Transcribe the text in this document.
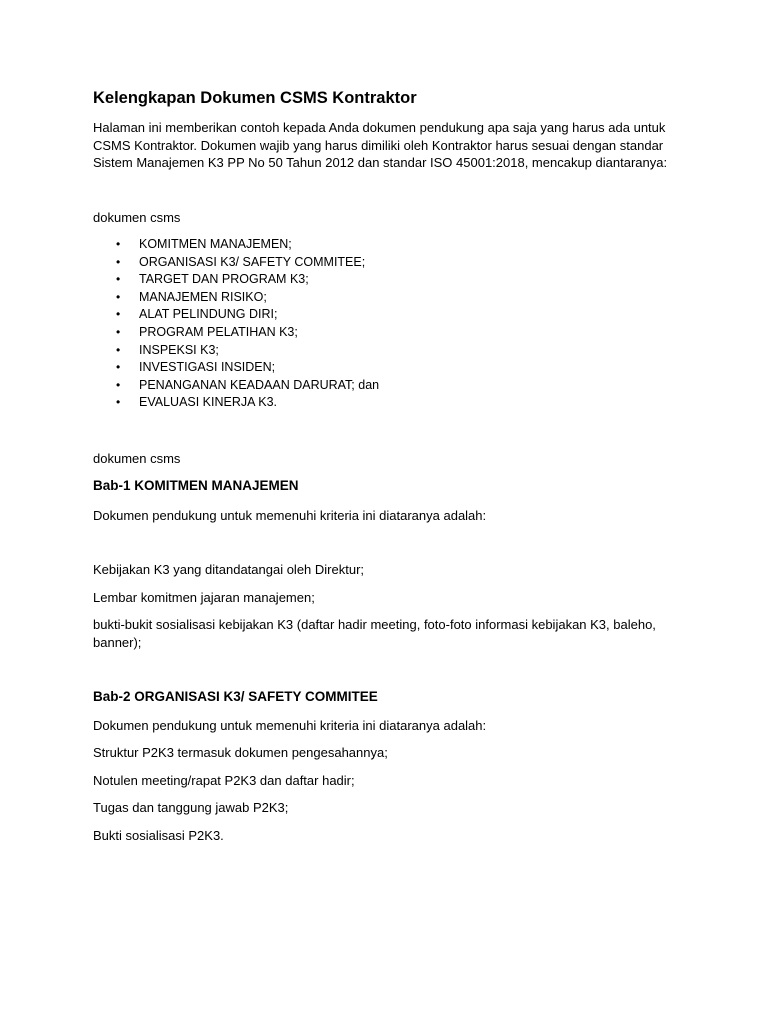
Kelengkapan Dokumen CSMS Kontraktor

Halaman ini memberikan contoh kepada Anda dokumen pendukung apa saja yang harus ada untuk CSMS Kontraktor. Dokumen wajib yang harus dimiliki oleh Kontraktor harus sesuai dengan standar Sistem Manajemen K3 PP No 50 Tahun 2012 dan standar ISO 45001:2018, mencakup diantaranya:

dokumen csms

• KOMITMEN MANAJEMEN;
• ORGANISASI K3/ SAFETY COMMITEE;
• TARGET DAN PROGRAM K3;
• MANAJEMEN RISIKO;
• ALAT PELINDUNG DIRI;
• PROGRAM PELATIHAN K3;
• INSPEKSI K3;
• INVESTIGASI INSIDEN;
• PENANGANAN KEADAAN DARURAT; dan
• EVALUASI KINERJA K3.

dokumen csms

Bab-1 KOMITMEN MANAJEMEN

Dokumen pendukung untuk memenuhi kriteria ini diataranya adalah:

Kebijakan K3 yang ditandatangai oleh Direktur;

Lembar komitmen jajaran manajemen;

bukti-bukit sosialisasi kebijakan K3 (daftar hadir meeting, foto-foto informasi kebijakan K3, baleho, banner);

Bab-2 ORGANISASI K3/ SAFETY COMMITEE

Dokumen pendukung untuk memenuhi kriteria ini diataranya adalah:

Struktur P2K3 termasuk dokumen pengesahannya;

Notulen meeting/rapat P2K3 dan daftar hadir;

Tugas dan tanggung jawab P2K3;

Bukti sosialisasi P2K3.
